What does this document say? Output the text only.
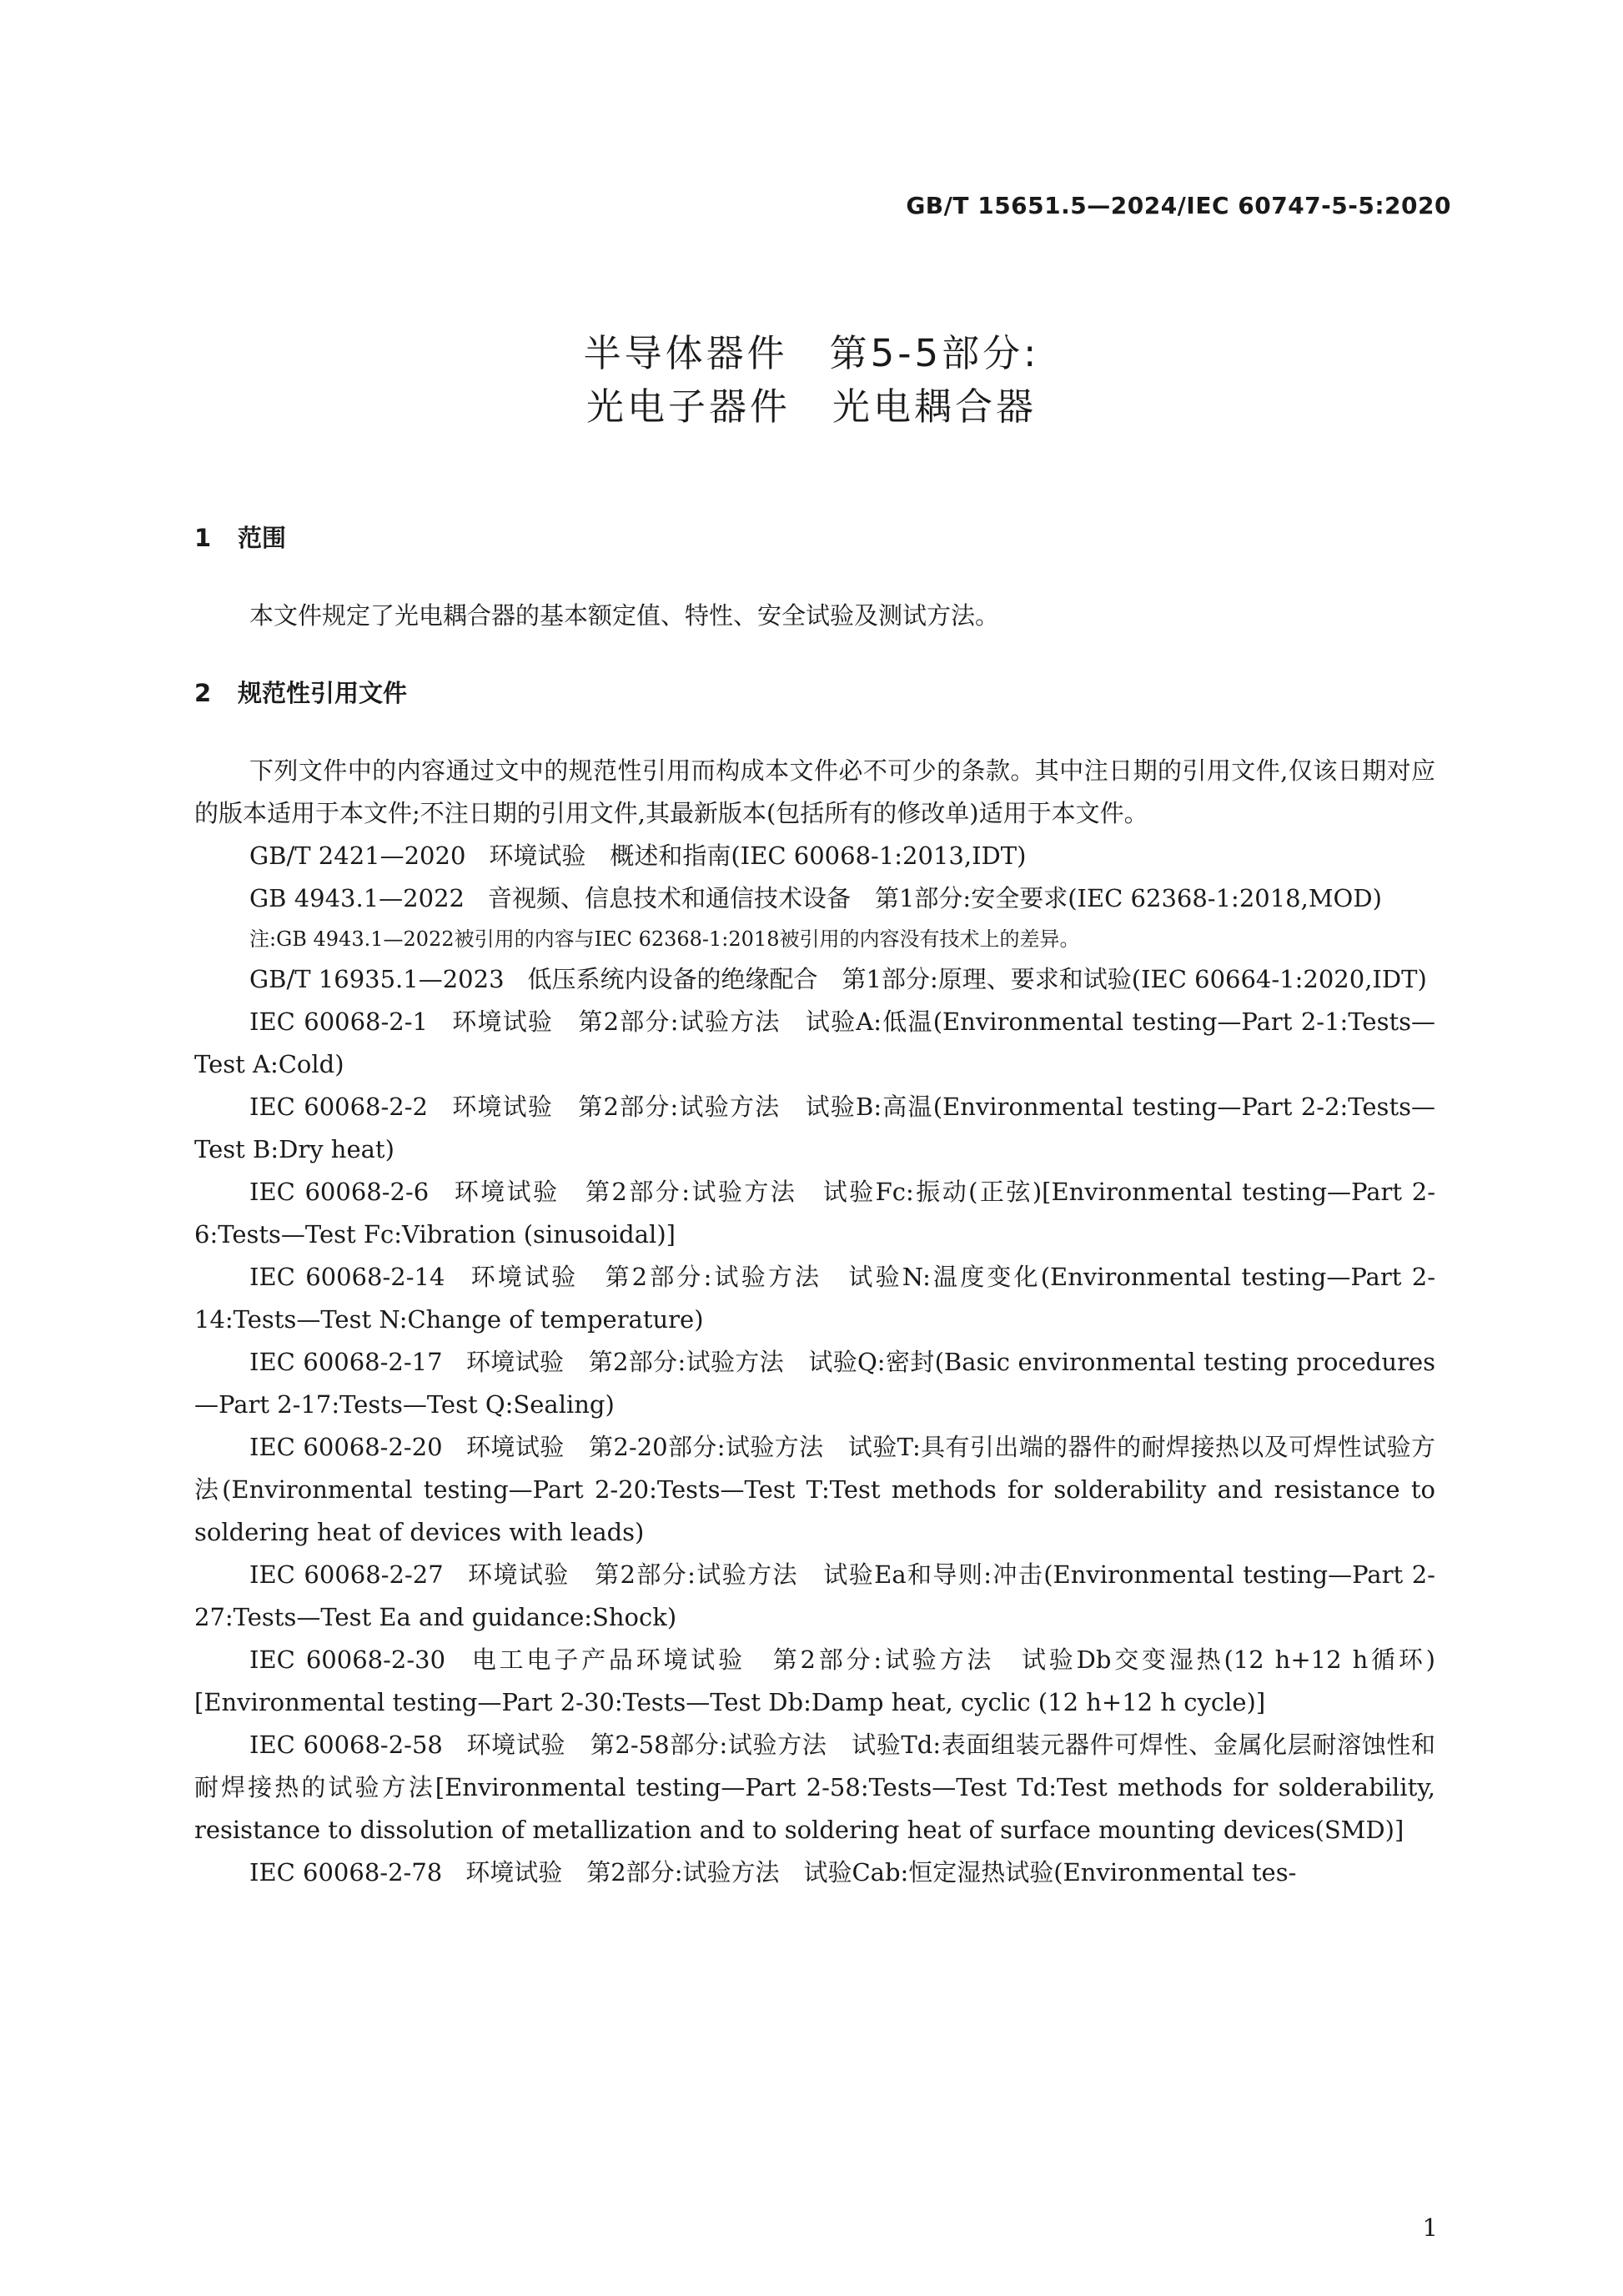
GB/T 15651.5—2024/IEC 60747-5-5:2020
半导体器件 第5-5部分:
光电子器件 光电耦合器
1 范围

本文件规定了光电耦合器的基本额定值、特性、安全试验及测试方法。

2 规范性引用文件

下列文件中的内容通过文中的规范性引用而构成本文件必不可少的条款。其中注日期的引用文件,仅该日期对应的版本适用于本文件;不注日期的引用文件,其最新版本(包括所有的修改单)适用于本文件。

GB/T 2421—2020 环境试验　概述和指南(IEC 60068-1:2013,IDT)

GB 4943.1—2022 音视频、信息技术和通信技术设备　第1部分:安全要求(IEC 62368-1:2018,MOD)

注:GB 4943.1—2022被引用的内容与IEC 62368-1:2018被引用的内容没有技术上的差异。

GB/T 16935.1—2023 低压系统内设备的绝缘配合　第1部分:原理、要求和试验(IEC 60664-1:2020,IDT)

IEC 60068-2-1 环境试验　第2部分:试验方法　试验A:低温(Environmental testing—Part 2-1:Tests—Test A:Cold)

IEC 60068-2-2 环境试验　第2部分:试验方法　试验B:高温(Environmental testing—Part 2-2:Tests—Test B:Dry heat)

IEC 60068-2-6 环境试验　第2部分:试验方法　试验Fc:振动(正弦)[Environmental testing—Part 2-6:Tests—Test Fc:Vibration (sinusoidal)]

IEC 60068-2-14 环境试验　第2部分:试验方法　试验N:温度变化(Environmental testing—Part 2-14:Tests—Test N:Change of temperature)

IEC 60068-2-17 环境试验　第2部分:试验方法　试验Q:密封(Basic environmental testing procedures—Part 2-17:Tests—Test Q:Sealing)

IEC 60068-2-20 环境试验　第2-20部分:试验方法　试验T:具有引出端的器件的耐焊接热以及可焊性试验方法(Environmental testing—Part 2-20:Tests—Test T:Test methods for solderability and resistance to soldering heat of devices with leads)

IEC 60068-2-27 环境试验　第2部分:试验方法　试验Ea和导则:冲击(Environmental testing—Part 2-27:Tests—Test Ea and guidance:Shock)

IEC 60068-2-30 电工电子产品环境试验　第2部分:试验方法　试验Db交变湿热(12 h+12 h循环)[Environmental testing—Part 2-30:Tests—Test Db:Damp heat, cyclic (12 h+12 h cycle)]

IEC 60068-2-58 环境试验　第2-58部分:试验方法　试验Td:表面组装元器件可焊性、金属化层耐溶蚀性和耐焊接热的试验方法[Environmental testing—Part 2-58:Tests—Test Td:Test methods for solderability, resistance to dissolution of metallization and to soldering heat of surface mounting devices(SMD)]

IEC 60068-2-78 环境试验　第2部分:试验方法　试验Cab:恒定湿热试验(Environmental tes-

1
